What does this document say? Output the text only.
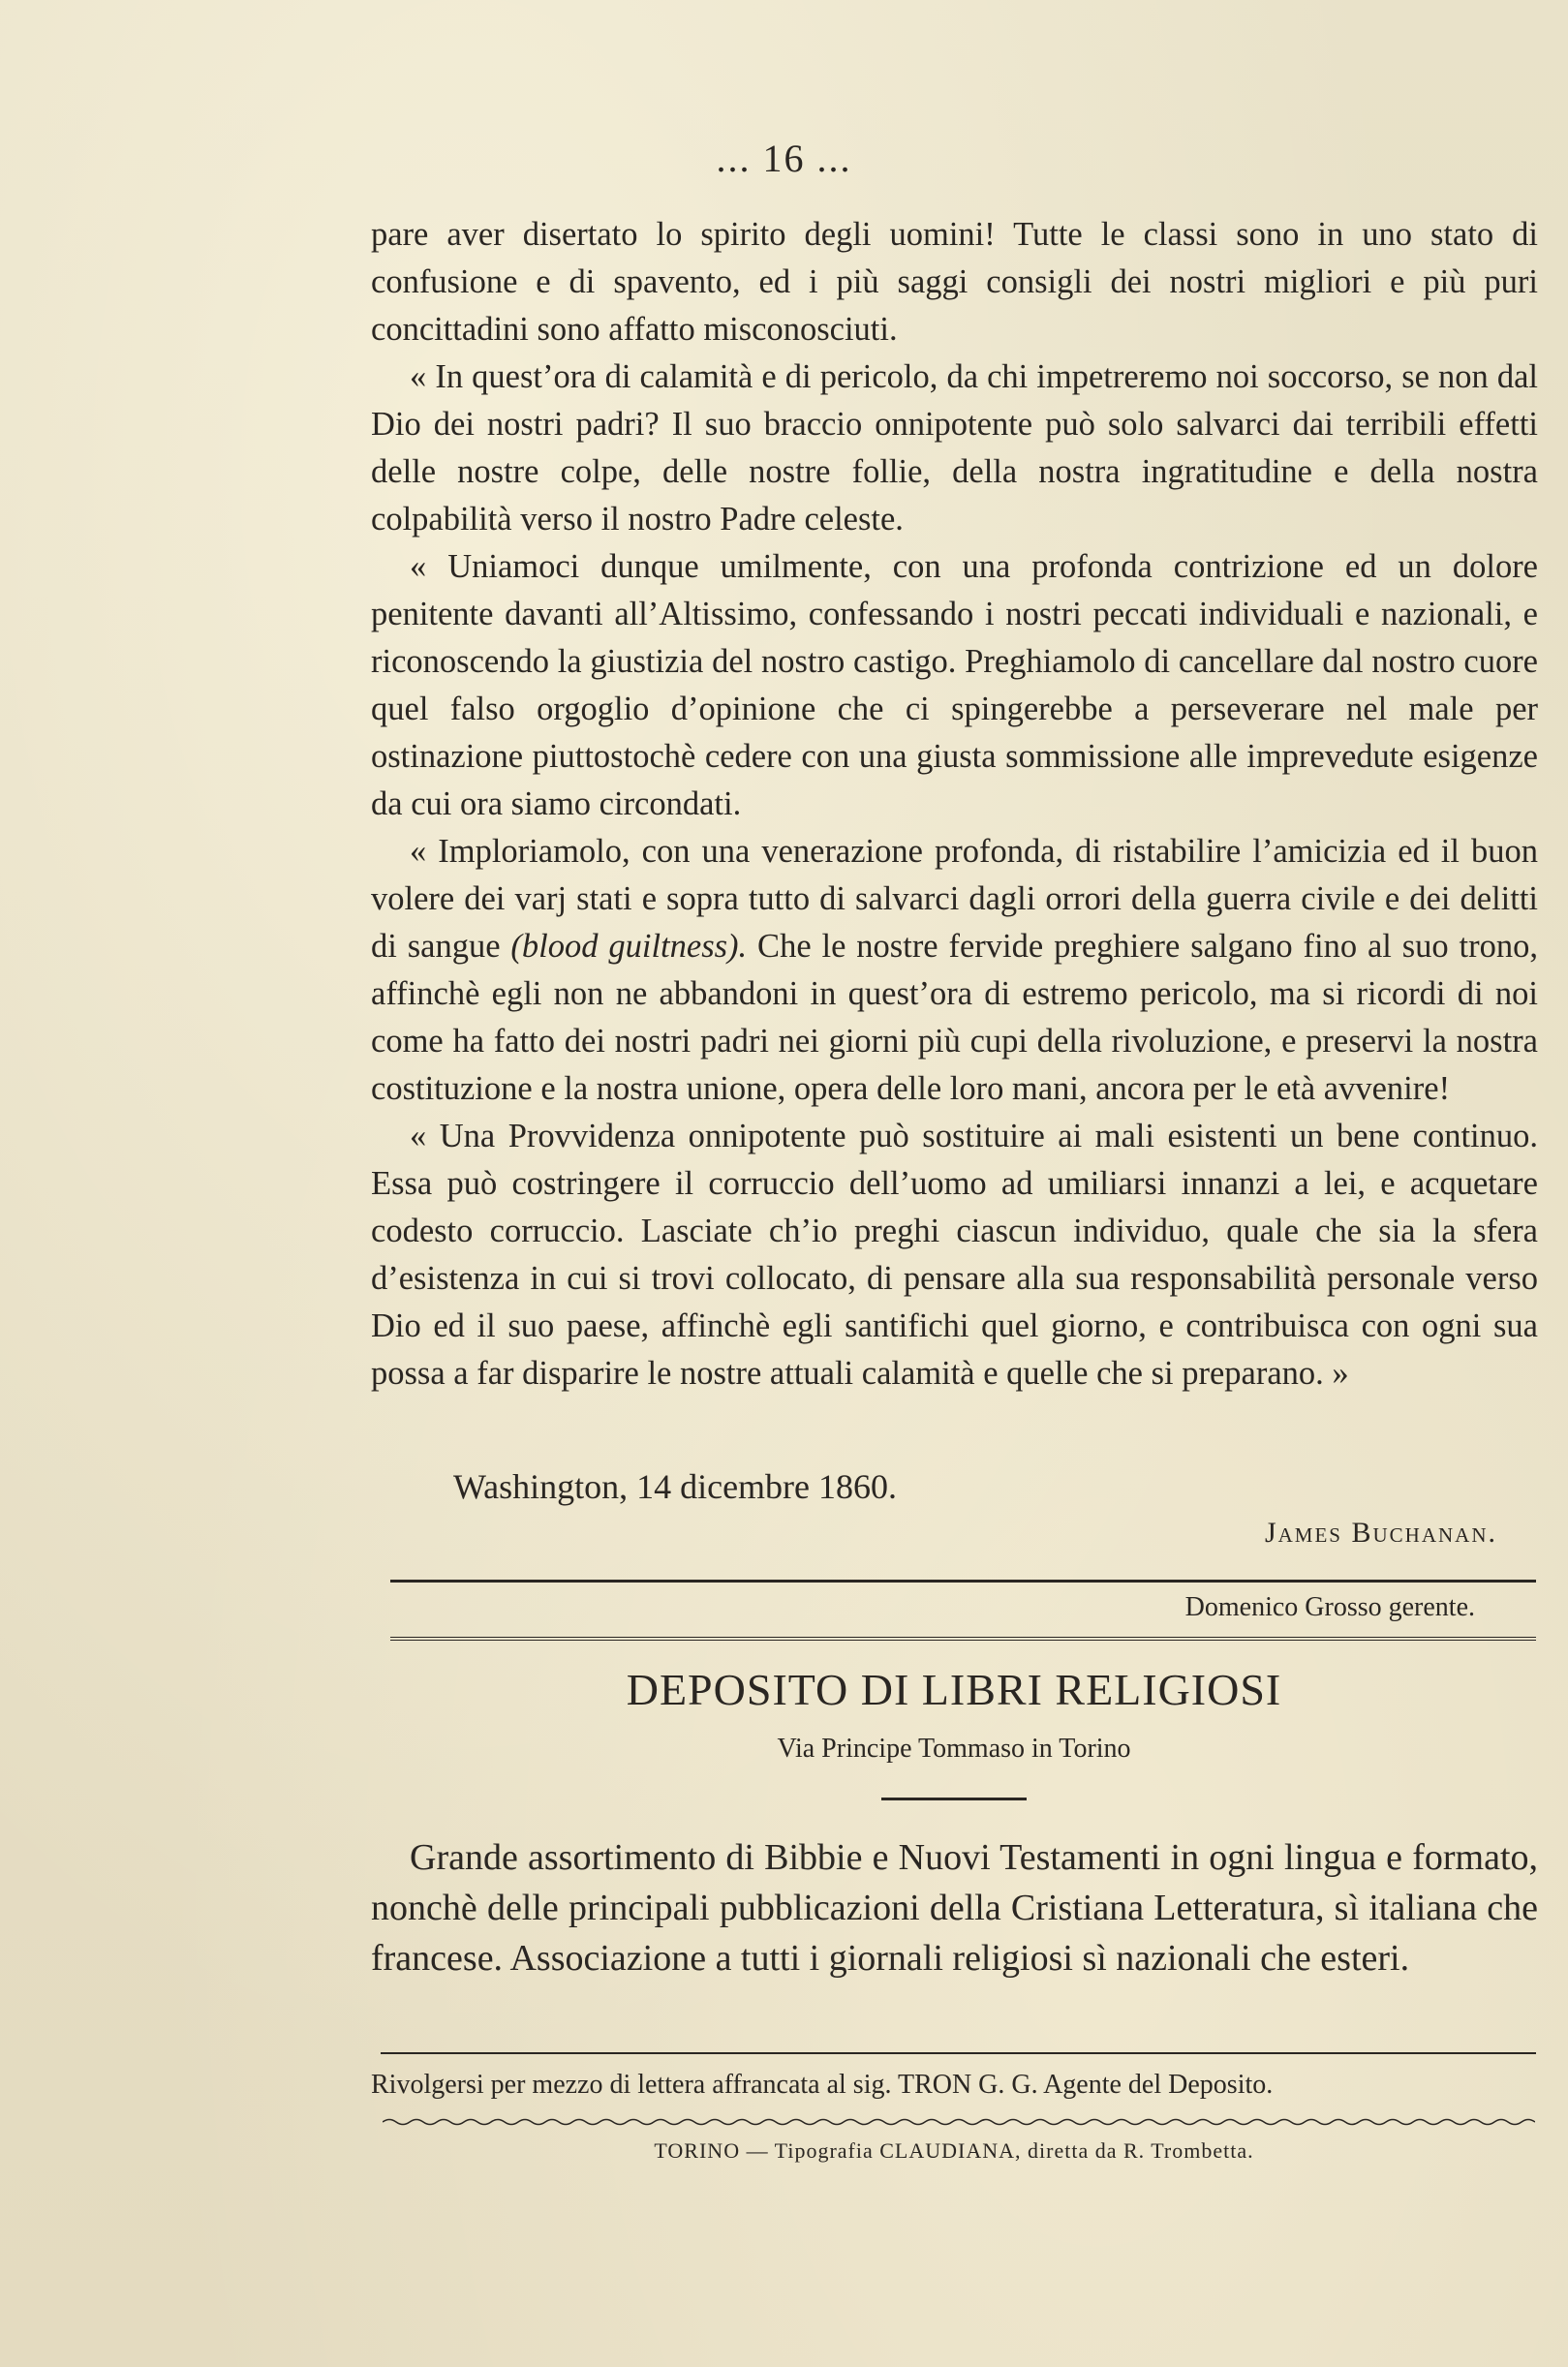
... 16 ...

pare aver disertato lo spirito degli uomini! Tutte le classi sono in uno stato di confusione e di spavento, ed i più saggi consigli dei nostri migliori e più puri concittadini sono affatto misconosciuti.

« In quest’ora di calamità e di pericolo, da chi impetreremo noi soccorso, se non dal Dio dei nostri padri? Il suo braccio onnipotente può solo salvarci dai terribili effetti delle nostre colpe, delle nostre follie, della nostra ingratitudine e della nostra colpabilità verso il nostro Padre celeste.

« Uniamoci dunque umilmente, con una profonda contrizione ed un dolore penitente davanti all’Altissimo, confessando i nostri peccati individuali e nazionali, e riconoscendo la giustizia del nostro castigo. Preghiamolo di cancellare dal nostro cuore quel falso orgoglio d’opinione che ci spingerebbe a perseverare nel male per ostinazione piuttostochè cedere con una giusta sommissione alle imprevedute esigenze da cui ora siamo circondati.

« Imploriamolo, con una venerazione profonda, di ristabilire l’amicizia ed il buon volere dei varj stati e sopra tutto di salvarci dagli orrori della guerra civile e dei delitti di sangue (blood guiltness). Che le nostre fervide preghiere salgano fino al suo trono, affinchè egli non ne abbandoni in quest’ora di estremo pericolo, ma si ricordi di noi come ha fatto dei nostri padri nei giorni più cupi della rivoluzione, e preservi la nostra costituzione e la nostra unione, opera delle loro mani, ancora per le età avvenire!

« Una Provvidenza onnipotente può sostituire ai mali esistenti un bene continuo. Essa può costringere il corruccio dell’uomo ad umiliarsi innanzi a lei, e acquetare codesto corruccio. Lasciate ch’io preghi ciascun individuo, quale che sia la sfera d’esistenza in cui si trovi collocato, di pensare alla sua responsabilità personale verso Dio ed il suo paese, affinchè egli santifichi quel giorno, e contribuisca con ogni sua possa a far disparire le nostre attuali calamità e quelle che si preparano. »

Washington, 14 dicembre 1860.
James Buchanan.
Domenico Grosso gerente.
DEPOSITO DI LIBRI RELIGIOSI
Via Principe Tommaso in Torino

Grande assortimento di Bibbie e Nuovi Testamenti in ogni lingua e formato, nonchè delle principali pubblicazioni della Cristiana Letteratura, sì italiana che francese. Associazione a tutti i giornali religiosi sì nazionali che esteri.

Rivolgersi per mezzo di lettera affrancata al sig. TRON G. G. Agente del Deposito.
TORINO — Tipografia CLAUDIANA, diretta da R. Trombetta.
